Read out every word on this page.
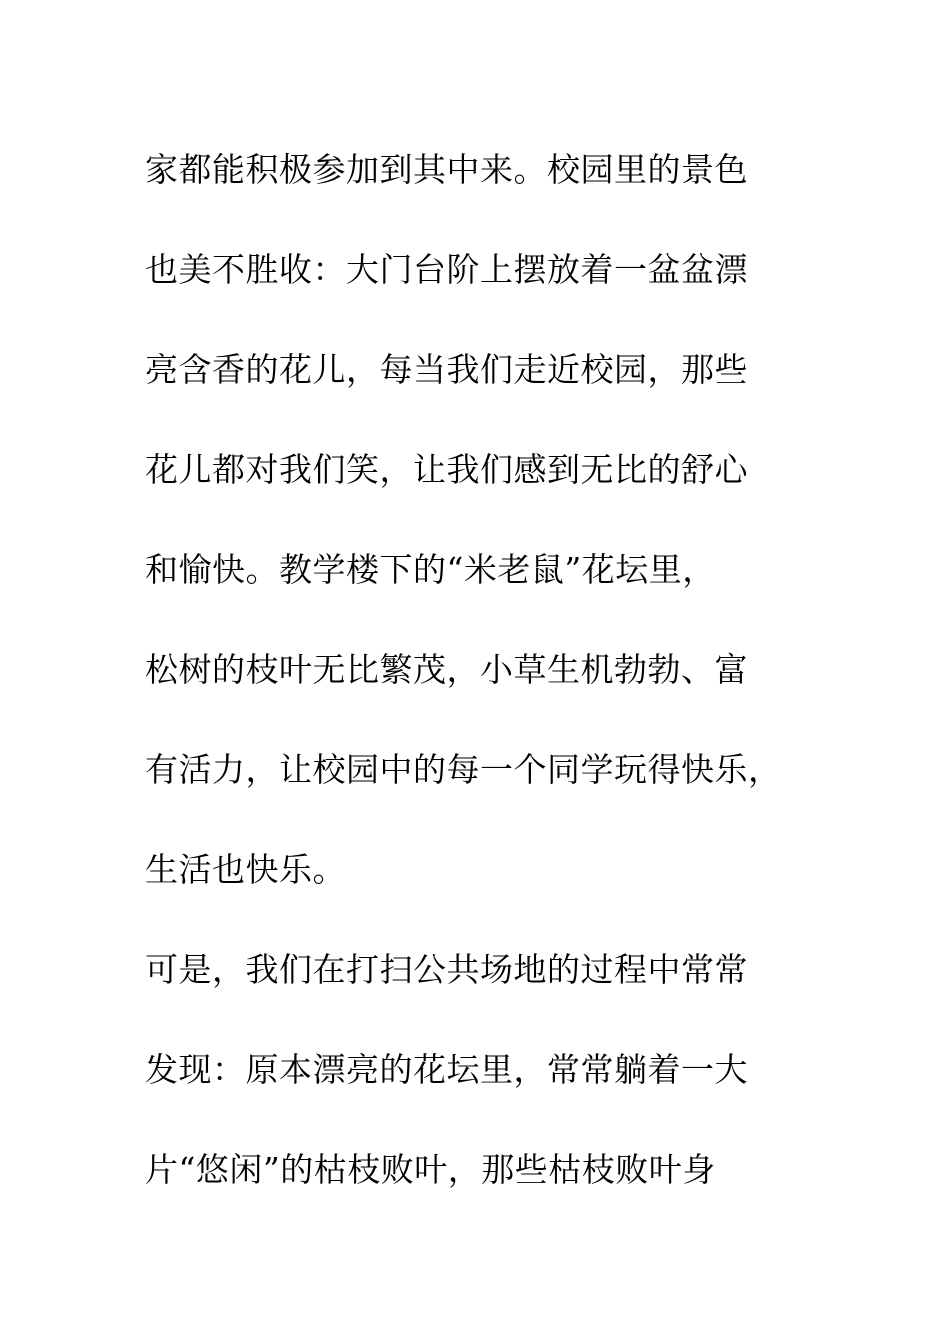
家都能积极参加到其中来。校园里的景色
也美不胜收：大门台阶上摆放着一盆盆漂
亮含香的花儿，每当我们走近校园，那些
花儿都对我们笑，让我们感到无比的舒心
和愉快。教学楼下的“米老鼠”花坛里，
松树的枝叶无比繁茂，小草生机勃勃、富
有活力，让校园中的每一个同学玩得快乐，
生活也快乐。
可是，我们在打扫公共场地的过程中常常
发现：原本漂亮的花坛里，常常躺着一大
片“悠闲”的枯枝败叶，那些枯枝败叶身
